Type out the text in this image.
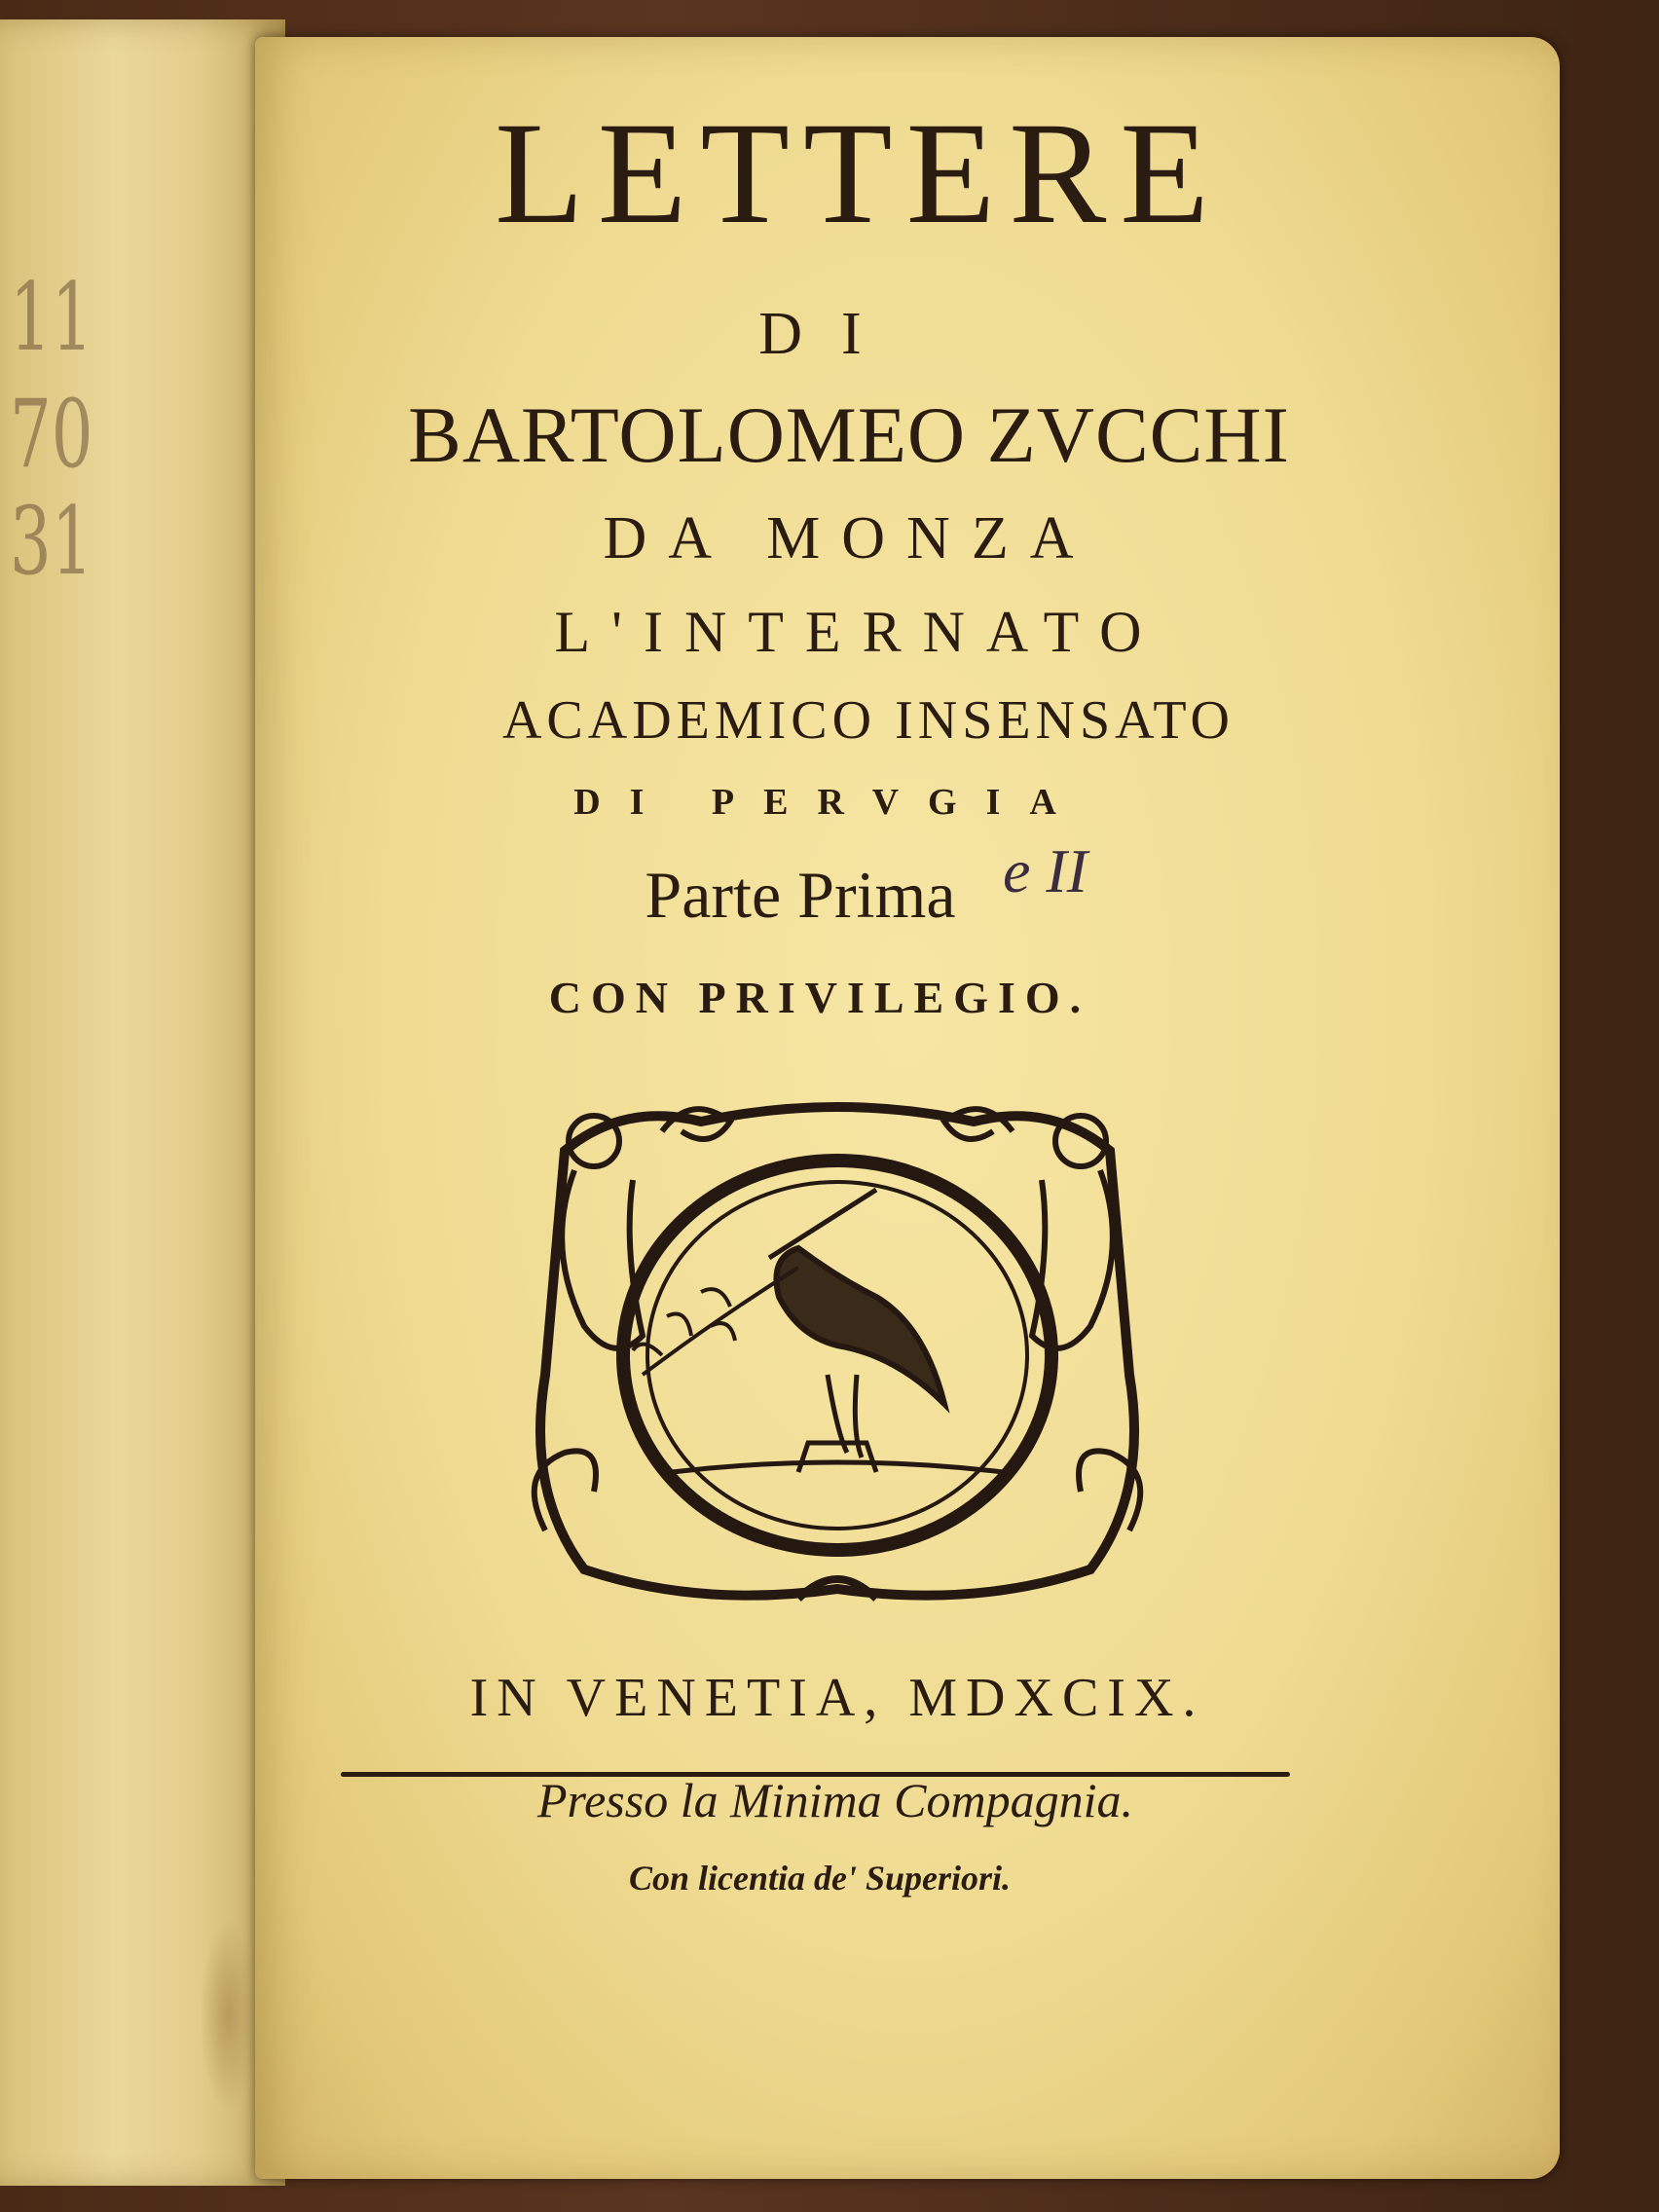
11
70
31
LETTERE
DI
BARTOLOMEO ZVCCHI
DA MONZA
L'INTERNATO
ACADEMICO INSENSATO
DI PERVGIA
Parte Prima e II
CON PRIVILEGIO.
IN VENETIA, MDXCIX.
Presso la Minima Compagnia.
Con licentia de' Superiori.
